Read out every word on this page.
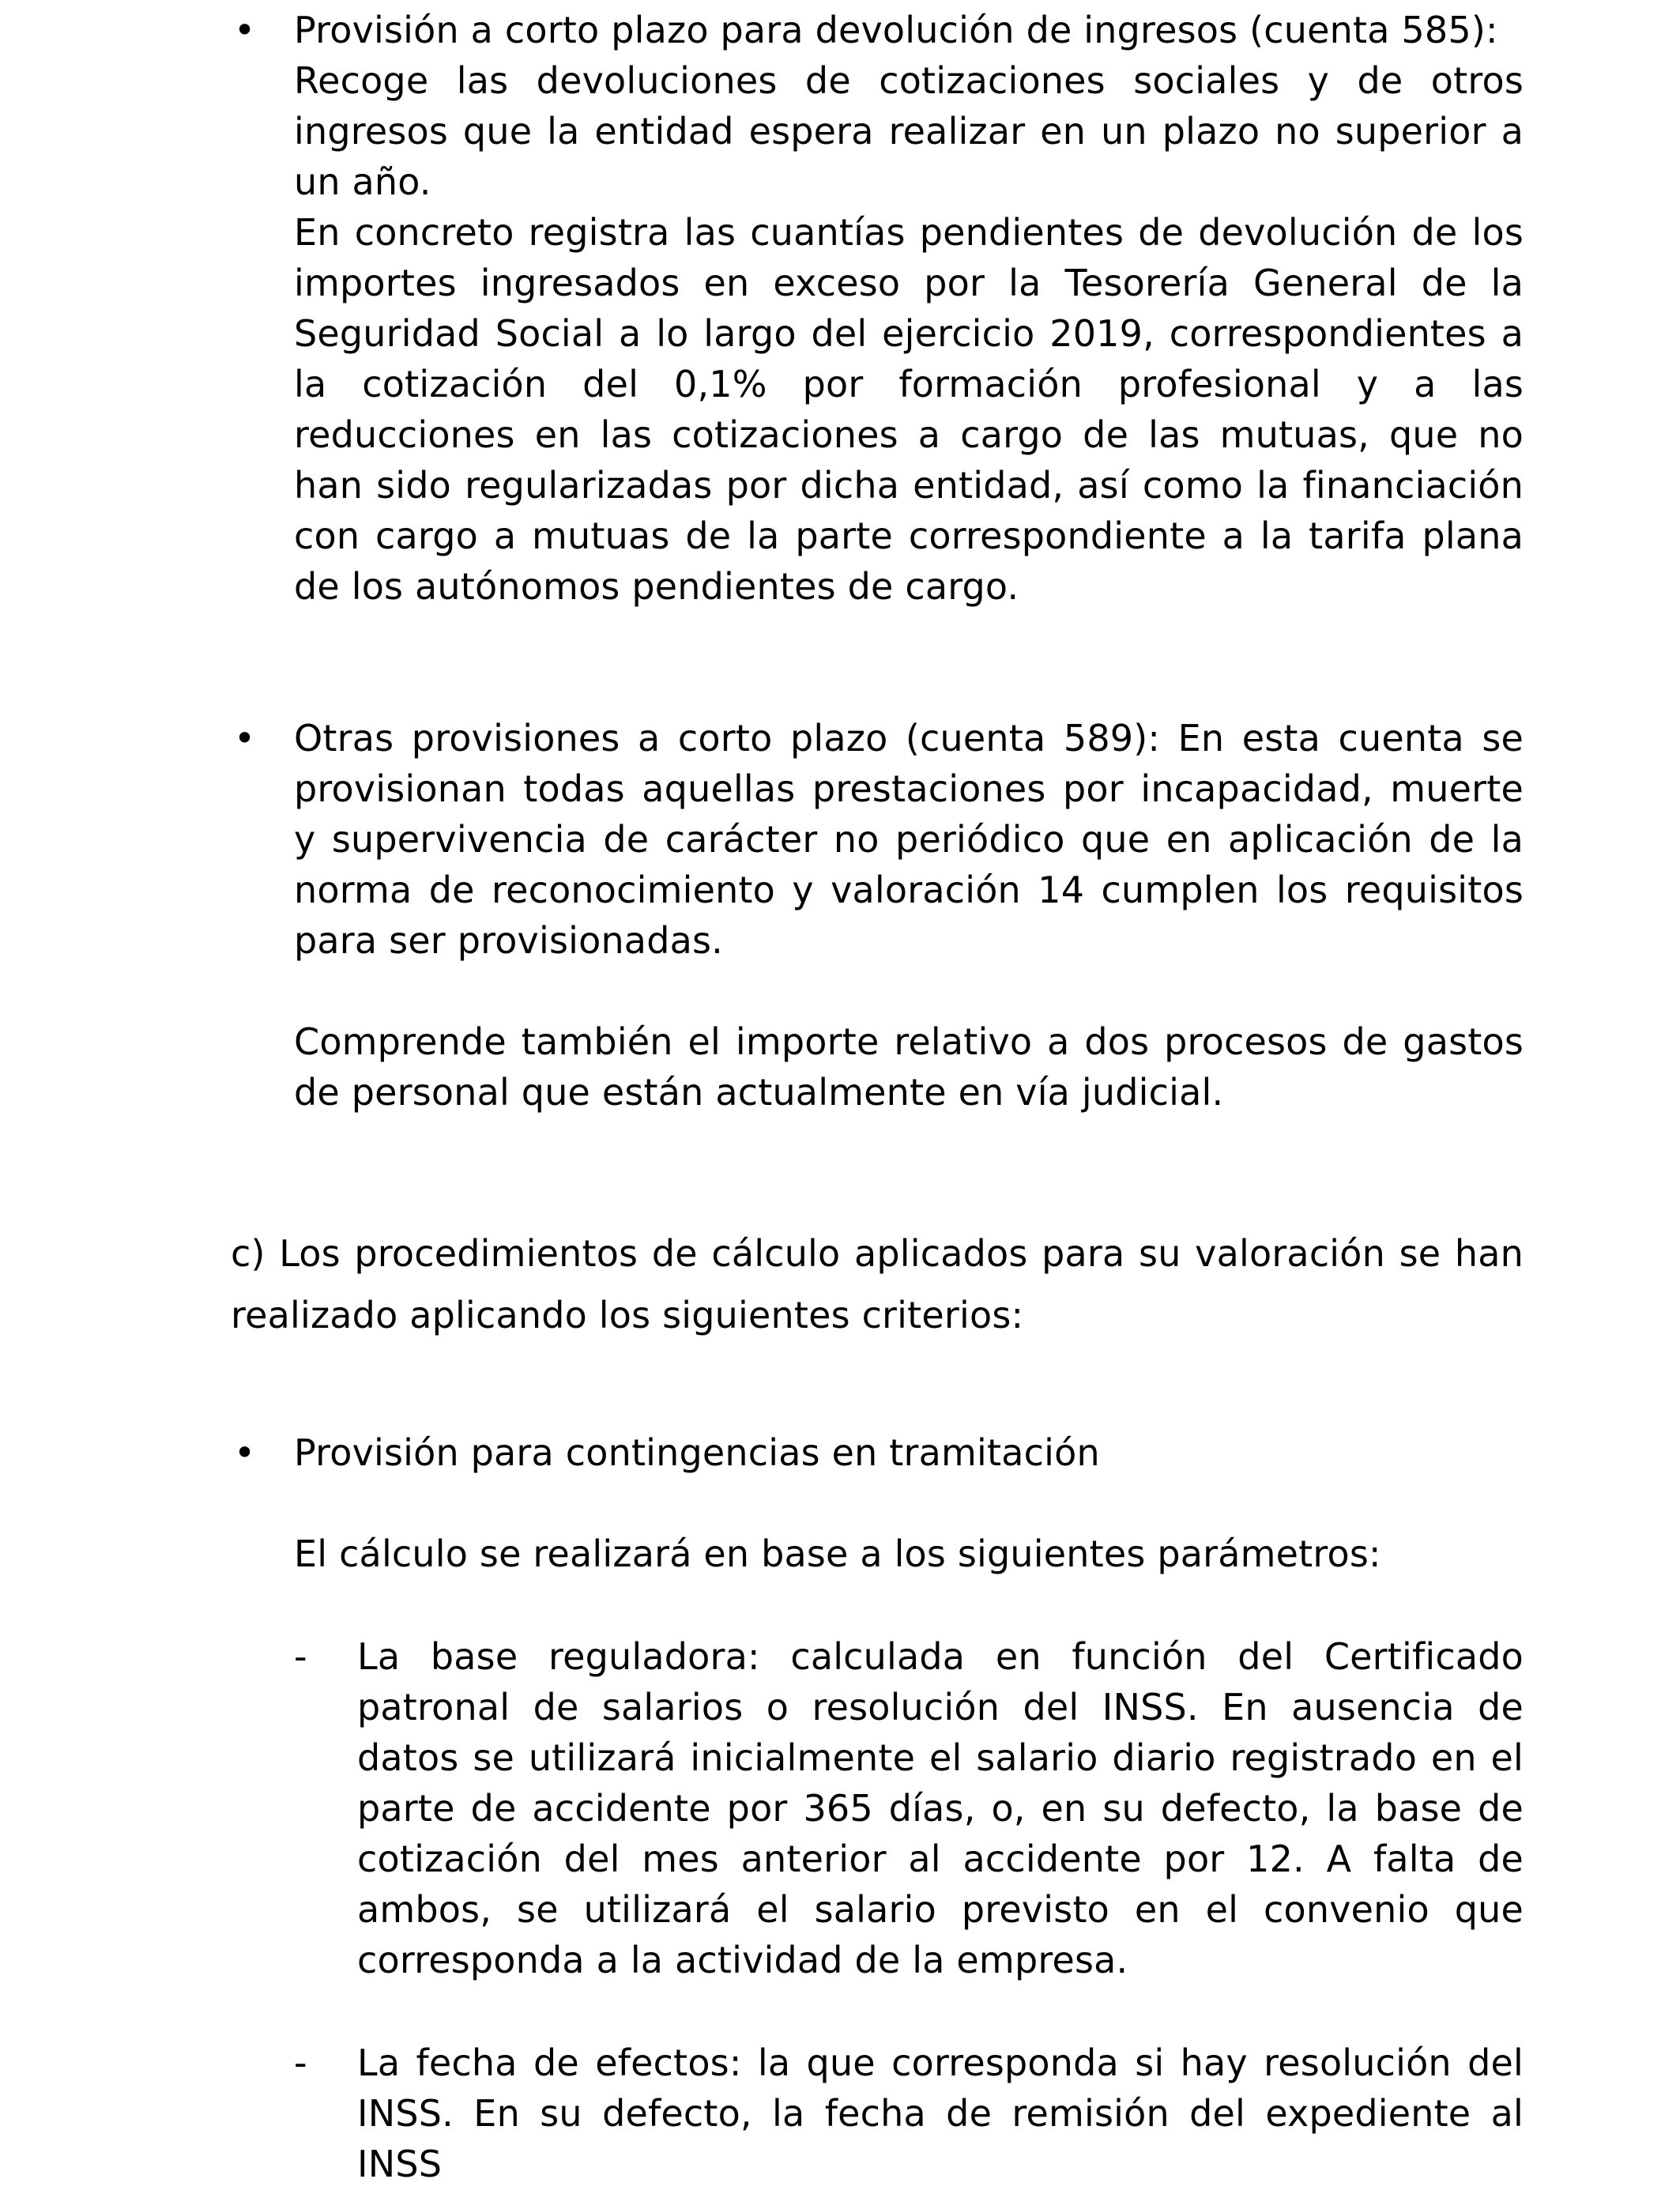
• Provisión a corto plazo para devolución de ingresos (cuenta 585):
Recoge las devoluciones de cotizaciones sociales y de otros
ingresos que la entidad espera realizar en un plazo no superior a
un año.
En concreto registra las cuantías pendientes de devolución de los
importes ingresados en exceso por la Tesorería General de la
Seguridad Social a lo largo del ejercicio 2019, correspondientes a
la cotización del 0,1% por formación profesional y a las
reducciones en las cotizaciones a cargo de las mutuas, que no
han sido regularizadas por dicha entidad, así como la financiación
con cargo a mutuas de la parte correspondiente a la tarifa plana
de los autónomos pendientes de cargo.
• Otras provisiones a corto plazo (cuenta 589): En esta cuenta se
provisionan todas aquellas prestaciones por incapacidad, muerte
y supervivencia de carácter no periódico que en aplicación de la
norma de reconocimiento y valoración 14 cumplen los requisitos
para ser provisionadas.
Comprende también el importe relativo a dos procesos de gastos
de personal que están actualmente en vía judicial.
c) Los procedimientos de cálculo aplicados para su valoración se han
realizado aplicando los siguientes criterios:
• Provisión para contingencias en tramitación
El cálculo se realizará en base a los siguientes parámetros:
- La base reguladora: calculada en función del Certificado
patronal de salarios o resolución del INSS. En ausencia de
datos se utilizará inicialmente el salario diario registrado en el
parte de accidente por 365 días, o, en su defecto, la base de
cotización del mes anterior al accidente por 12. A falta de
ambos, se utilizará el salario previsto en el convenio que
corresponda a la actividad de la empresa.
- La fecha de efectos: la que corresponda si hay resolución del
INSS. En su defecto, la fecha de remisión del expediente al
INSS
